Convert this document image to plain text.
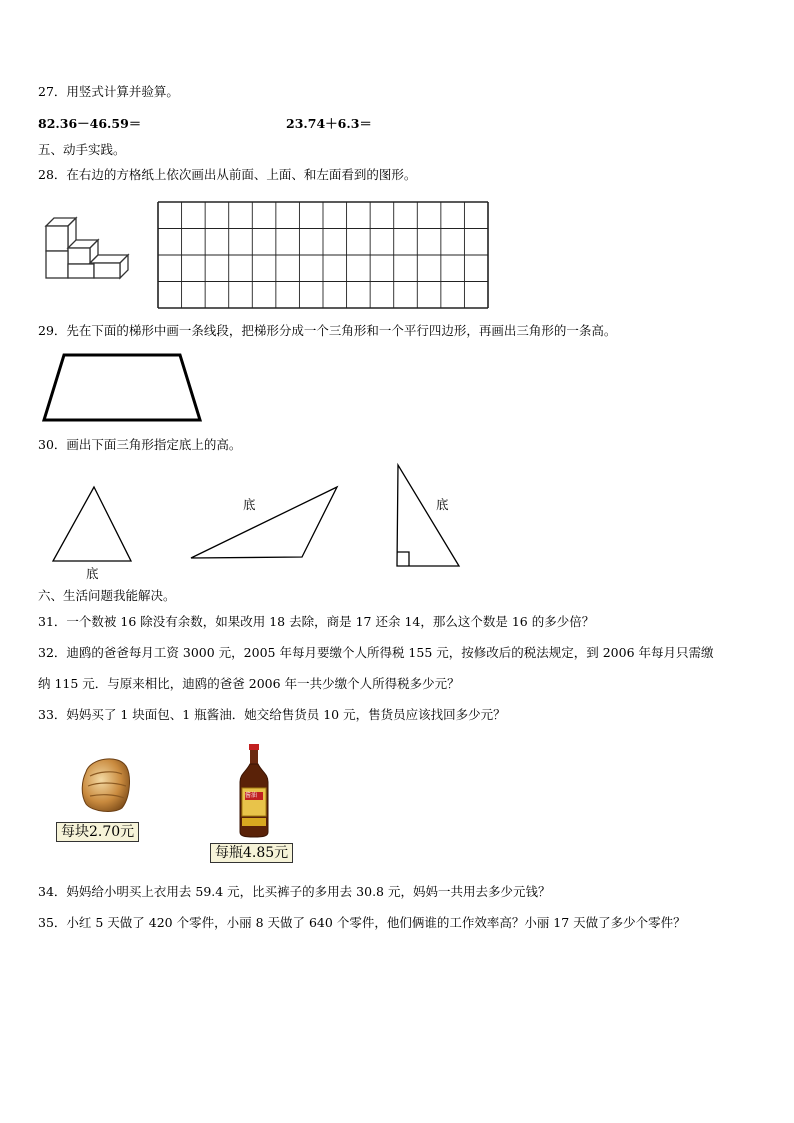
27．用竖式计算并验算。
82.36－46.59＝	23.74＋6.3＝
五、动手实践。
28．在右边的方格纸上依次画出从前面、上面、和左面看到的图形。
29．先在下面的梯形中画一条线段，把梯形分成一个三角形和一个平行四边形，再画出三角形的一条高。
30．画出下面三角形指定底上的高。
底
底	底
六、生活问题我能解决。
31．一个数被 16 除没有余数，如果改用 18 去除，商是 17 还余 14，那么这个数是 16 的多少倍？
32．迪鸥的爸爸每月工资 3000 元，2005 年每月要缴个人所得税 155 元，按修改后的税法规定，到 2006 年每月只需缴
纳 115 元．与原来相比，迪鸥的爸爸 2006 年一共少缴个人所得税多少元？
33．妈妈买了 1 块面包、1 瓶酱油．她交给售货员 10 元，售货员应该找回多少元？
每块2.70元
酱油
每瓶4.85元
34．妈妈给小明买上衣用去 59.4 元，比买裤子的多用去 30.8 元，妈妈一共用去多少元钱？
35．小红 5 天做了 420 个零件，小丽 8 天做了 640 个零件，他们俩谁的工作效率高？小丽 17 天做了多少个零件？
